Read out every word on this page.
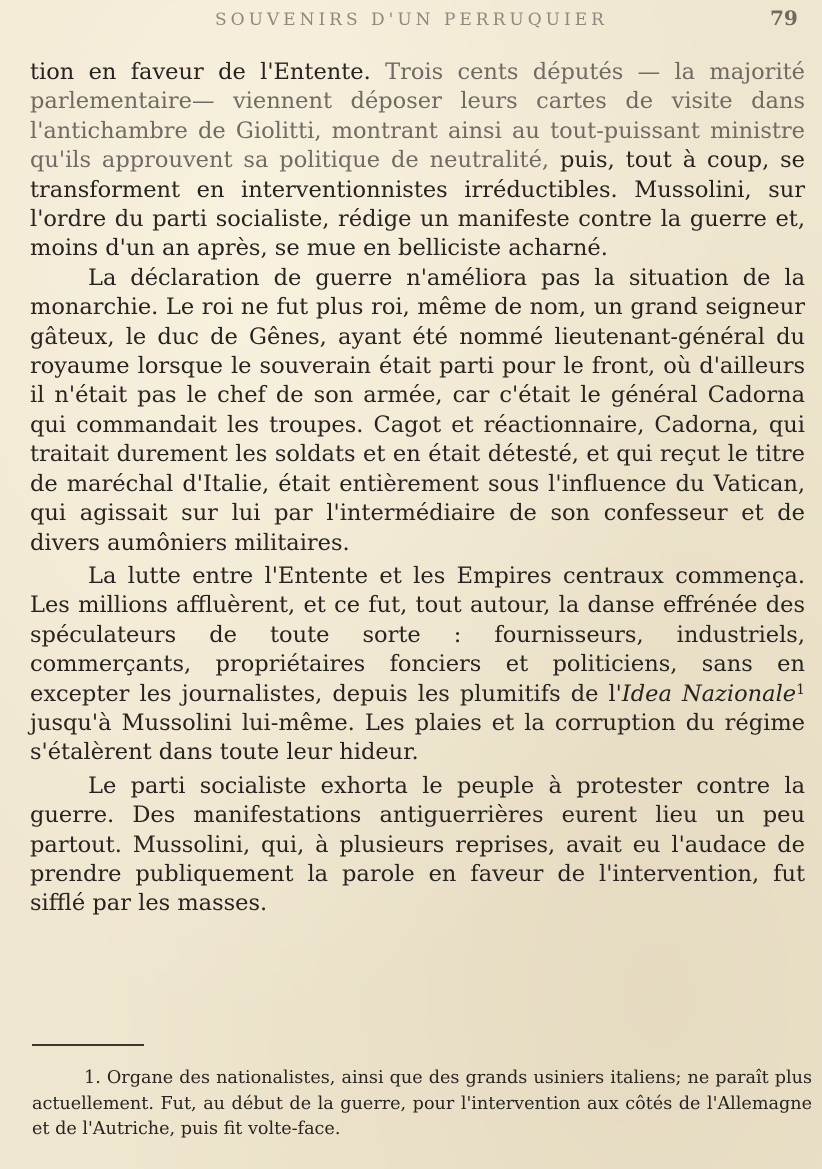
SOUVENIRS D'UN PERRUQUIER	79

tion en faveur de l'Entente. Trois cents députés — la majorité parlementaire— viennent déposer leurs cartes de visite dans l'antichambre de Giolitti, montrant ainsi au tout-puissant ministre qu'ils approuvent sa politique de neutralité, puis, tout à coup, se transforment en interventionnistes irréductibles. Mussolini, sur l'ordre du parti socialiste, rédige un manifeste contre la guerre et, moins d'un an après, se mue en belliciste acharné.

La déclaration de guerre n'améliora pas la situation de la monarchie. Le roi ne fut plus roi, même de nom, un grand seigneur gâteux, le duc de Gênes, ayant été nommé lieutenant-général du royaume lorsque le souverain était parti pour le front, où d'ailleurs il n'était pas le chef de son armée, car c'était le général Cadorna qui commandait les troupes. Cagot et réactionnaire, Cadorna, qui traitait durement les soldats et en était détesté, et qui reçut le titre de maréchal d'Italie, était entièrement sous l'influence du Vatican, qui agissait sur lui par l'intermédiaire de son confesseur et de divers aumôniers militaires.

La lutte entre l'Entente et les Empires centraux commença. Les millions affluèrent, et ce fut, tout autour, la danse effrénée des spéculateurs de toute sorte : fournisseurs, industriels, commerçants, propriétaires fonciers et politiciens, sans en excepter les journalistes, depuis les plumitifs de l'Idea Nazionale$^1$ jusqu'à Mussolini lui-même. Les plaies et la corruption du régime s'étalèrent dans toute leur hideur.

Le parti socialiste exhorta le peuple à protester contre la guerre. Des manifestations antiguerrières eurent lieu un peu partout. Mussolini, qui, à plusieurs reprises, avait eu l'audace de prendre publiquement la parole en faveur de l'intervention, fut sifflé par les masses.

1. Organe des nationalistes, ainsi que des grands usiniers italiens; ne paraît plus actuellement. Fut, au début de la guerre, pour l'intervention aux côtés de l'Allemagne et de l'Autriche, puis fit volte-face.
